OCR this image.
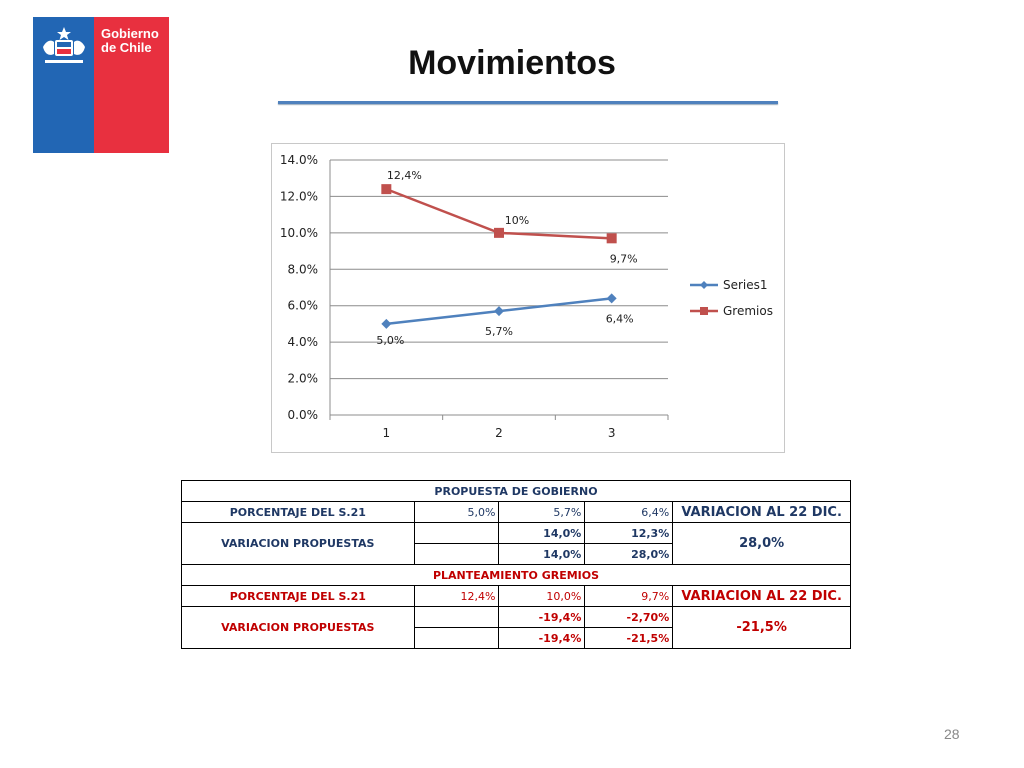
Gobierno
de Chile	Movimientos
0.0%
2.0%
4.0%
6.0%
8.0%
10.0%
12.0%
14.0%
1	2	3
5,0%
5,7%
6,4%
12,4%
10%
9,7%
Series1
Gremios
PROPUESTA DE GOBIERNO				
PORCENTAJE DEL S.21	5,0%	5,7%	6,4%	VARIACION AL 22 DIC.
VARIACION PROPUESTAS		14,0%	12,3%	28,0%
		14,0%	28,0%	
PLANTEAMIENTO GREMIOS				
PORCENTAJE DEL S.21	12,4%	10,0%	9,7%	VARIACION AL 22 DIC.
VARIACION PROPUESTAS		-19,4%	-2,70%	-21,5%
		-19,4%	-21,5%	
28
